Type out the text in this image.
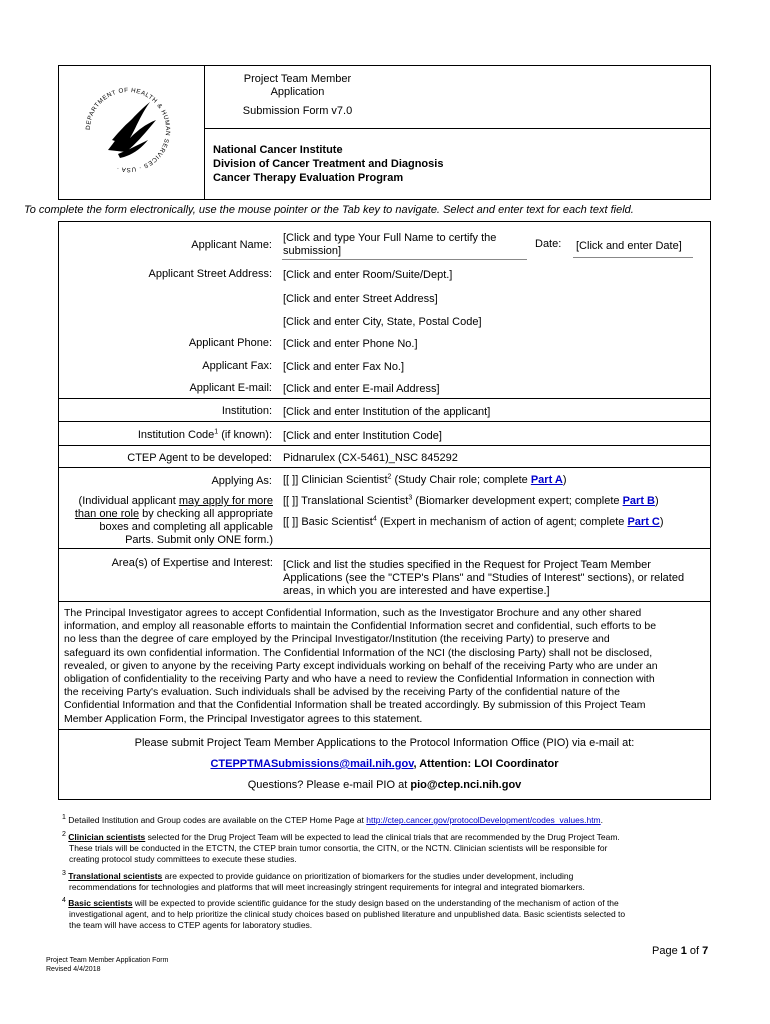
DEPARTMENT OF HEALTH & HUMAN SERVICES · USA ·
Project Team Member
Application
Submission Form v7.0
National Cancer Institute
Division of Cancer Treatment and Diagnosis
Cancer Therapy Evaluation Program
To complete the form electronically, use the mouse pointer or the Tab key to navigate. Select and enter text for each text field.
Applicant Name:
[Click and type Your Full Name to certify the submission]
Date: [Click and enter Date]
Applicant Street Address: [Click and enter Room/Suite/Dept.]
[Click and enter Street Address]
[Click and enter City, State, Postal Code]
Applicant Phone: [Click and enter Phone No.]
Applicant Fax: [Click and enter Fax No.]
Applicant E-mail: [Click and enter E-mail Address]
Institution: [Click and enter Institution of the applicant]
Institution Code$^1$ (if known): [Click and enter Institution Code]
CTEP Agent to be developed: Pidnarulex (CX-5461)_NSC 845292
Applying As:
(Individual applicant may apply for more
than one role by checking all appropriate
boxes and completing all applicable
Parts. Submit only ONE form.)
[[ ]] Clinician Scientist$^2$ (Study Chair role; complete Part A)
[[ ]] Translational Scientist$^3$ (Biomarker development expert; complete Part B)
[[ ]] Basic Scientist$^4$ (Expert in mechanism of action of agent; complete Part C)
Area(s) of Expertise and Interest: [Click and list the studies specified in the Request for Project Team Member
Applications (see the "CTEP's Plans" and "Studies of Interest" sections), or related
areas, in which you are interested and have expertise.]
The Principal Investigator agrees to accept Confidential Information, such as the Investigator Brochure and any other shared
information, and employ all reasonable efforts to maintain the Confidential Information secret and confidential, such efforts to be
no less than the degree of care employed by the Principal Investigator/Institution (the receiving Party) to preserve and
safeguard its own confidential information. The Confidential Information of the NCI (the disclosing Party) shall not be disclosed,
revealed, or given to anyone by the receiving Party except individuals working on behalf of the receiving Party who are under an
obligation of confidentiality to the receiving Party and who have a need to review the Confidential Information in connection with
the receiving Party's evaluation. Such individuals shall be advised by the receiving Party of the confidential nature of the
Confidential Information and that the Confidential Information shall be treated accordingly. By submission of this Project Team
Member Application Form, the Principal Investigator agrees to this statement.
Please submit Project Team Member Applications to the Protocol Information Office (PIO) via e-mail at:
CTEPPTMASubmissions@mail.nih.gov, Attention: LOI Coordinator
Questions? Please e-mail PIO at pio@ctep.nci.nih.gov
$^1$ Detailed Institution and Group codes are available on the CTEP Home Page at http://ctep.cancer.gov/protocolDevelopment/codes_values.htm.
$^2$ Clinician scientists selected for the Drug Project Team will be expected to lead the clinical trials that are recommended by the Drug Project Team.
These trials will be conducted in the ETCTN, the CTEP brain tumor consortia, the CITN, or the NCTN. Clinician scientists will be responsible for
creating protocol study committees to execute these studies.
$^3$ Translational scientists are expected to provide guidance on prioritization of biomarkers for the studies under development, including
recommendations for technologies and platforms that will meet increasingly stringent requirements for integral and integrated biomarkers.
$^4$ Basic scientists will be expected to provide scientific guidance for the study design based on the understanding of the mechanism of action of the
investigational agent, and to help prioritize the clinical study choices based on published literature and unpublished data. Basic scientists selected to
the team will have access to CTEP agents for laboratory studies.
Page 1 of 7
Project Team Member Application Form
Revised 4/4/2018
